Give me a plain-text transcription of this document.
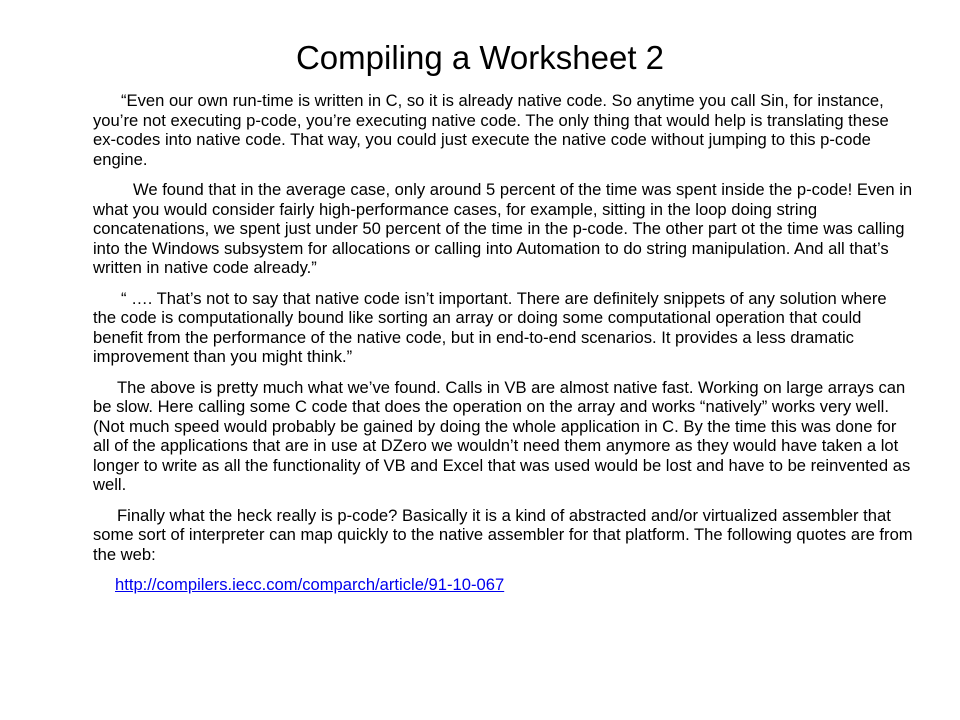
Compiling a Worksheet 2

“Even our own run-time is written in C, so it is already native code. So anytime you call Sin, for instance, you’re not executing p-code, you’re executing native code. The only thing that would help is translating these ex-codes into native code. That way, you could just execute the native code without jumping to this p-code engine.

We found that in the average case, only around 5 percent of the time was spent inside the p-code! Even in what you would consider fairly high-performance cases, for example, sitting in the loop doing string concatenations, we spent just under 50 percent of the time in the p-code. The other part ot the time was calling into the Windows subsystem for allocations or calling into Automation to do string manipulation. And all that’s written in native code already.”

“ …. That’s not to say that native code isn’t important. There are definitely snippets of any solution where the code is computationally bound like sorting an array or doing some computational operation that could benefit from the performance of the native code, but in end-to-end scenarios. It provides a less dramatic improvement than you might think.”

The above is pretty much what we’ve found. Calls in VB are almost native fast. Working on large arrays can be slow. Here calling some C code that does the operation on the array and works “natively” works very well. (Not much speed would probably be gained by doing the whole application in C. By the time this was done for all of the applications that are in use at DZero we wouldn’t need them anymore as they would have taken a lot longer to write as all the functionality of VB and Excel that was used would be lost and have to be reinvented as well.

Finally what the heck really is p-code? Basically it is a kind of abstracted and/or virtualized assembler that some sort of interpreter can map quickly to the native assembler for that platform. The following quotes are from the web:

http://compilers.iecc.com/comparch/article/91-10-067
